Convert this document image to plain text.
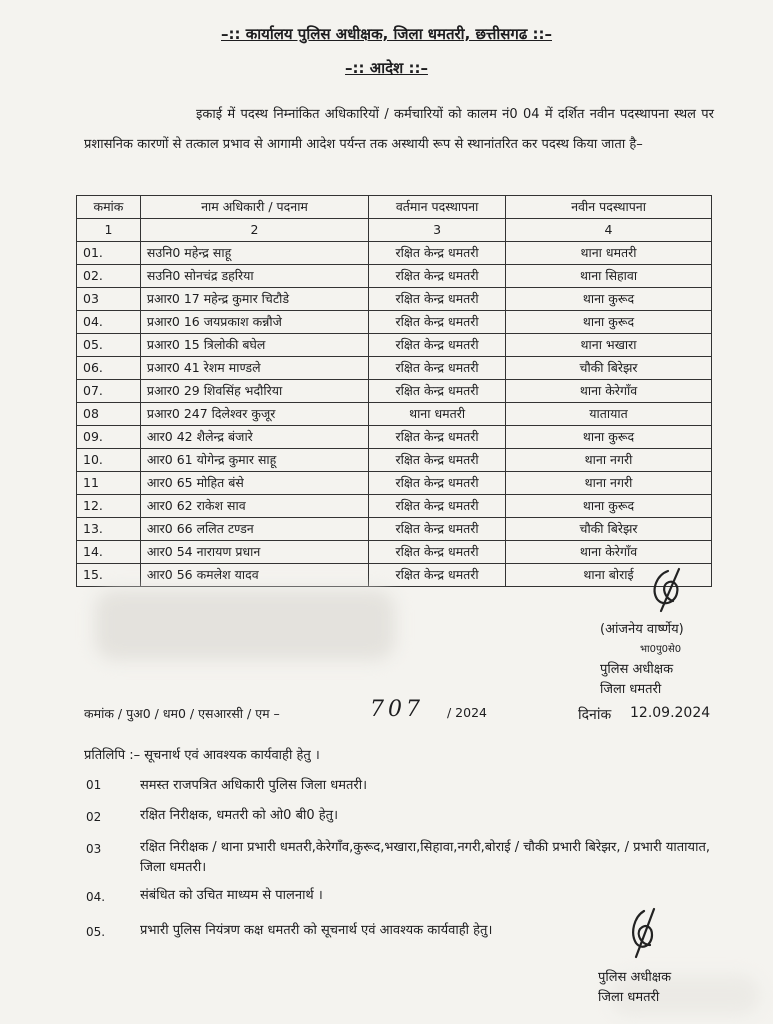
–:: कार्यालय पुलिस अधीक्षक, जिला धमतरी, छत्तीसगढ ::–
–:: आदेश ::–
इकाई में पदस्थ निम्नांकित अधिकारियों / कर्मचारियों को कालम नं0 04 में दर्शित नवीन पदस्थापना स्थल पर प्रशासनिक कारणों से तत्काल प्रभाव से आगामी आदेश पर्यन्त तक अस्थायी रूप से स्थानांतरित कर पदस्थ किया जाता है–
कमांक	नाम अधिकारी / पदनाम	वर्तमान पदस्थापना	नवीन पदस्थापना
1	2	3	4
01.	सउनि0 महेन्द्र साहू	रक्षित केन्द्र धमतरी	थाना धमतरी
02.	सउनि0 सोनचंद्र डहरिया	रक्षित केन्द्र धमतरी	थाना सिहावा
03	प्रआर0 17 महेन्द्र कुमार चिटौडे	रक्षित केन्द्र धमतरी	थाना कुरूद
04.	प्रआर0 16 जयप्रकाश कन्नौजे	रक्षित केन्द्र धमतरी	थाना कुरूद
05.	प्रआर0 15 त्रिलोकी बघेल	रक्षित केन्द्र धमतरी	थाना भखारा
06.	प्रआर0 41 रेशम माण्डले	रक्षित केन्द्र धमतरी	चौकी बिरेझर
07.	प्रआर0 29 शिवसिंह भदौरिया	रक्षित केन्द्र धमतरी	थाना केरेगाँव
08	प्रआर0 247 दिलेश्वर कुजूर	थाना धमतरी	यातायात
09.	आर0 42 शैलेन्द्र बंजारे	रक्षित केन्द्र धमतरी	थाना कुरूद
10.	आर0 61 योगेन्द्र कुमार साहू	रक्षित केन्द्र धमतरी	थाना नगरी
11	आर0 65 मोहित बंसे	रक्षित केन्द्र धमतरी	थाना नगरी
12.	आर0 62 राकेश साव	रक्षित केन्द्र धमतरी	थाना कुरूद
13.	आर0 66 ललित टण्डन	रक्षित केन्द्र धमतरी	चौकी बिरेझर
14.	आर0 54 नारायण प्रधान	रक्षित केन्द्र धमतरी	थाना केरेगाँव
15.	आर0 56 कमलेश यादव	रक्षित केन्द्र धमतरी	थाना बोराई
(आंजनेय वार्ष्णेय)
भा0पु0से0
पुलिस अधीक्षक
जिला धमतरी
कमांक / पुअ0 / धम0 / एसआरसी / एम –	707 / 2024	दिनांक 12.09.2024
प्रतिलिपि :– सूचनार्थ एवं आवश्यक कार्यवाही हेतु ।
01	समस्त राजपत्रित अधिकारी पुलिस जिला धमतरी।
02	रक्षित निरीक्षक, धमतरी को ओ0 बी0 हेतु।
03	रक्षित निरीक्षक / थाना प्रभारी धमतरी,केरेगाँव,कुरूद,भखारा,सिहावा,नगरी,बोराई / चौकी प्रभारी बिरेझर, / प्रभारी यातायात, जिला धमतरी।
04.	संबंधित को उचित माध्यम से पालनार्थ ।
05.	प्रभारी पुलिस नियंत्रण कक्ष धमतरी को सूचनार्थ एवं आवश्यक कार्यवाही हेतु।
पुलिस अधीक्षक
जिला धमतरी
